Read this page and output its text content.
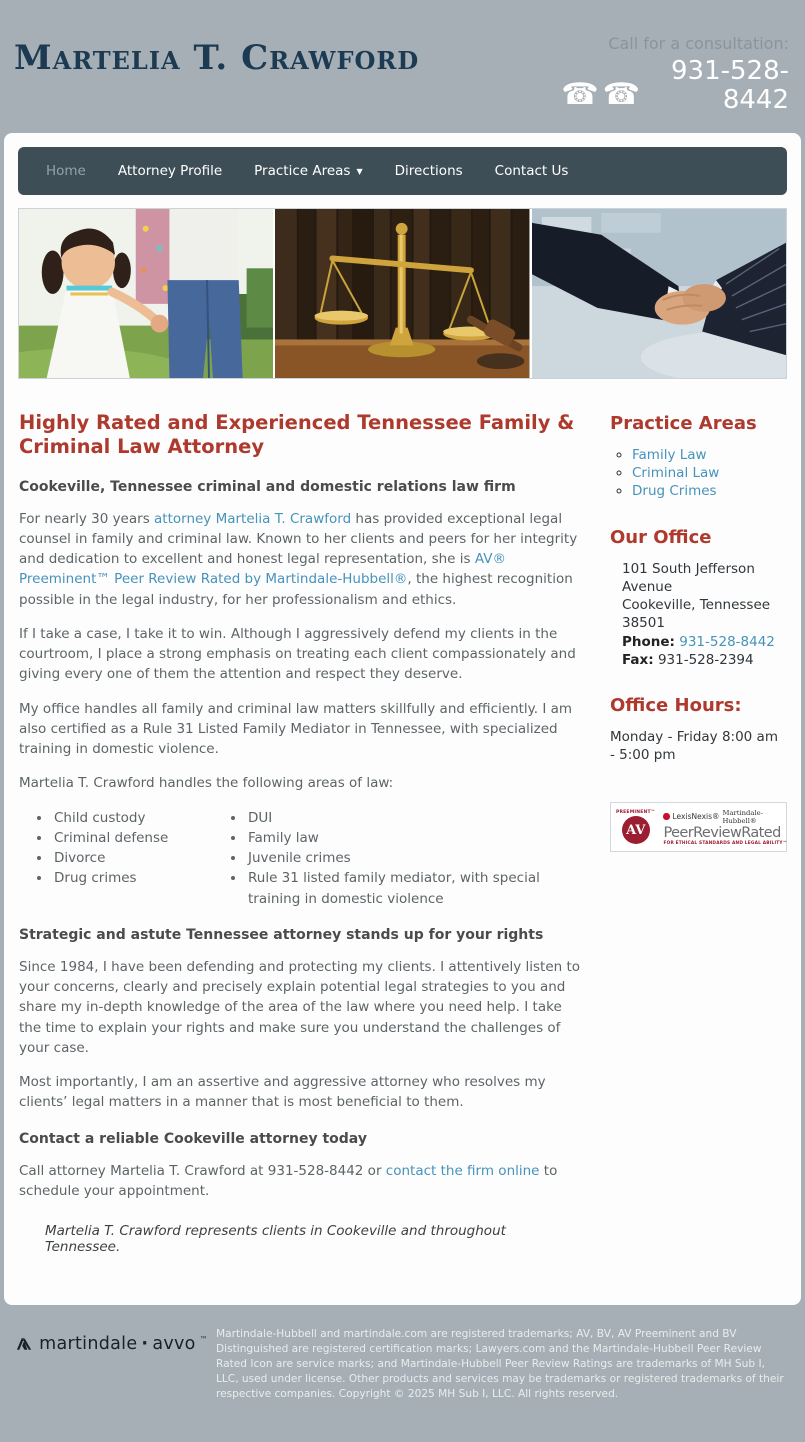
Martelia T. Crawford	Call for a consultation:
☎ ☎
931-528-8442
Home Attorney Profile Practice Areas ▼ Directions Contact Us
Highly Rated and Experienced Tennessee Family & Criminal Law Attorney
Cookeville, Tennessee criminal and domestic relations law firm

For nearly 30 years attorney Martelia T. Crawford has provided exceptional legal counsel in family and criminal law. Known to her clients and peers for her integrity and dedication to excellent and honest legal representation, she is AV® Preeminent™ Peer Review Rated by Martindale-Hubbell®, the highest recognition possible in the legal industry, for her professionalism and ethics.

If I take a case, I take it to win. Although I aggressively defend my clients in the courtroom, I place a strong emphasis on treating each client compassionately and giving every one of them the attention and respect they deserve.

My office handles all family and criminal law matters skillfully and efficiently. I am also certified as a Rule 31 Listed Family Mediator in Tennessee, with specialized training in domestic violence.

Martelia T. Crawford handles the following areas of law:

• Child custody
• Criminal defense
• Divorce
• Drug crimes
• DUI
• Family law
• Juvenile crimes
• Rule 31 listed family mediator, with special training in domestic violence
Strategic and astute Tennessee attorney stands up for your rights

Since 1984, I have been defending and protecting my clients. I attentively listen to your concerns, clearly and precisely explain potential legal strategies to you and share my in-depth knowledge of the area of the law where you need help. I take the time to explain your rights and make sure you understand the challenges of your case.

Most importantly, I am an assertive and aggressive attorney who resolves my clients’ legal matters in a manner that is most beneficial to them.

Contact a reliable Cookeville attorney today

Call attorney Martelia T. Crawford at 931-528-8442 or contact the firm online to schedule your appointment.

Martelia T. Crawford represents clients in Cookeville and throughout Tennessee.
Practice Areas
◦ Family Law
◦ Criminal Law
◦ Drug Crimes
Our Office
101 South Jefferson Avenue
Cookeville, Tennessee 38501
Phone: 931-528-8442
Fax: 931-528-2394
Office Hours:
Monday - Friday 8:00 am - 5:00 pm
PREEMINENT™
AV
LexisNexis® Martindale-Hubbell®
PeerReviewRated
FOR ETHICAL STANDARDS AND LEGAL ABILITY™
martindale · avvo ™ Martindale-Hubbell and martindale.com are registered trademarks; AV, BV, AV Preeminent and BV Distinguished are registered certification marks; Lawyers.com and the Martindale-Hubbell Peer Review Rated Icon are service marks; and Martindale-Hubbell Peer Review Ratings are trademarks of MH Sub I, LLC, used under license. Other products and services may be trademarks or registered trademarks of their respective companies. Copyright © 2025 MH Sub I, LLC. All rights reserved.
